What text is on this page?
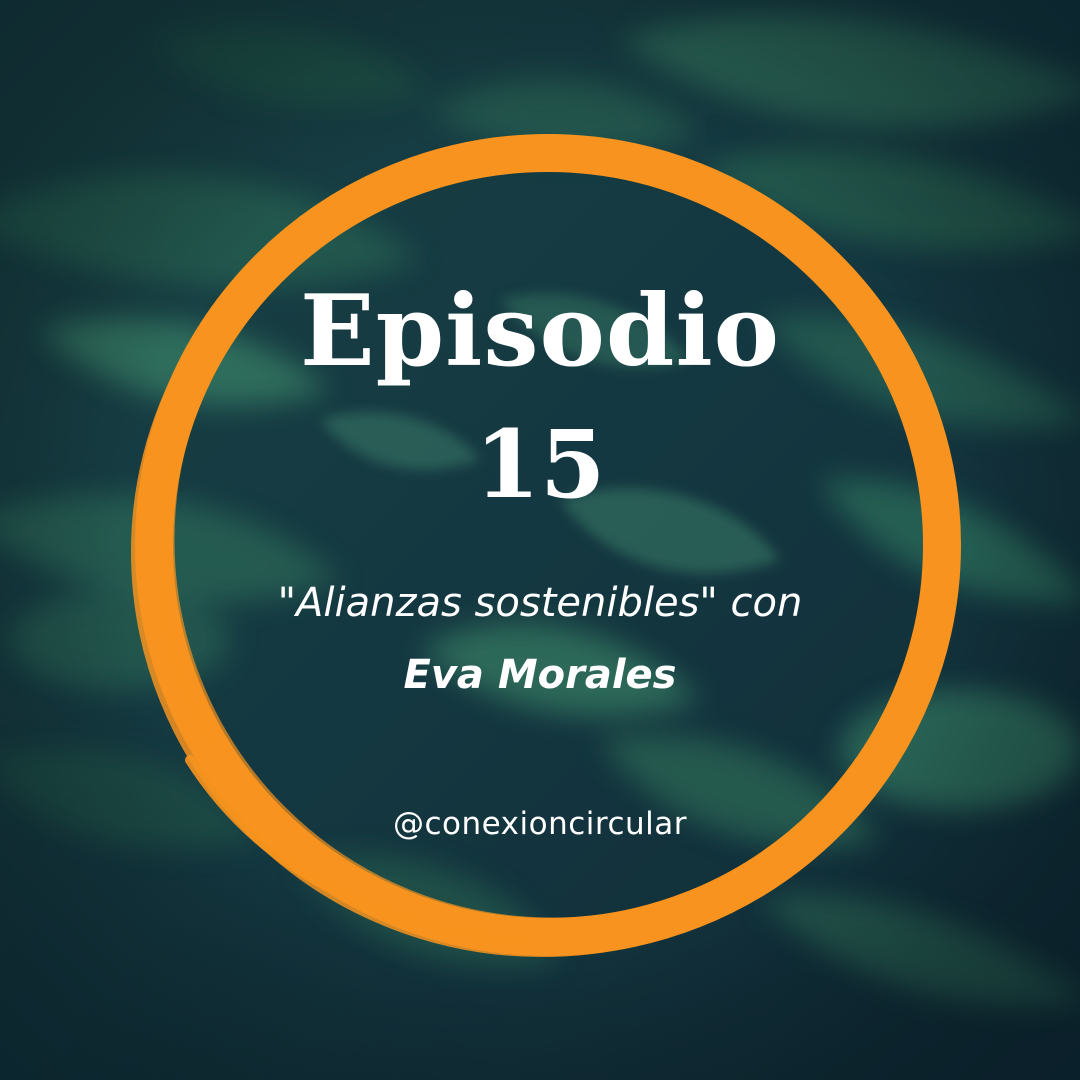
Episodio
15
"Alianzas sostenibles" con
Eva Morales
@conexioncircular
